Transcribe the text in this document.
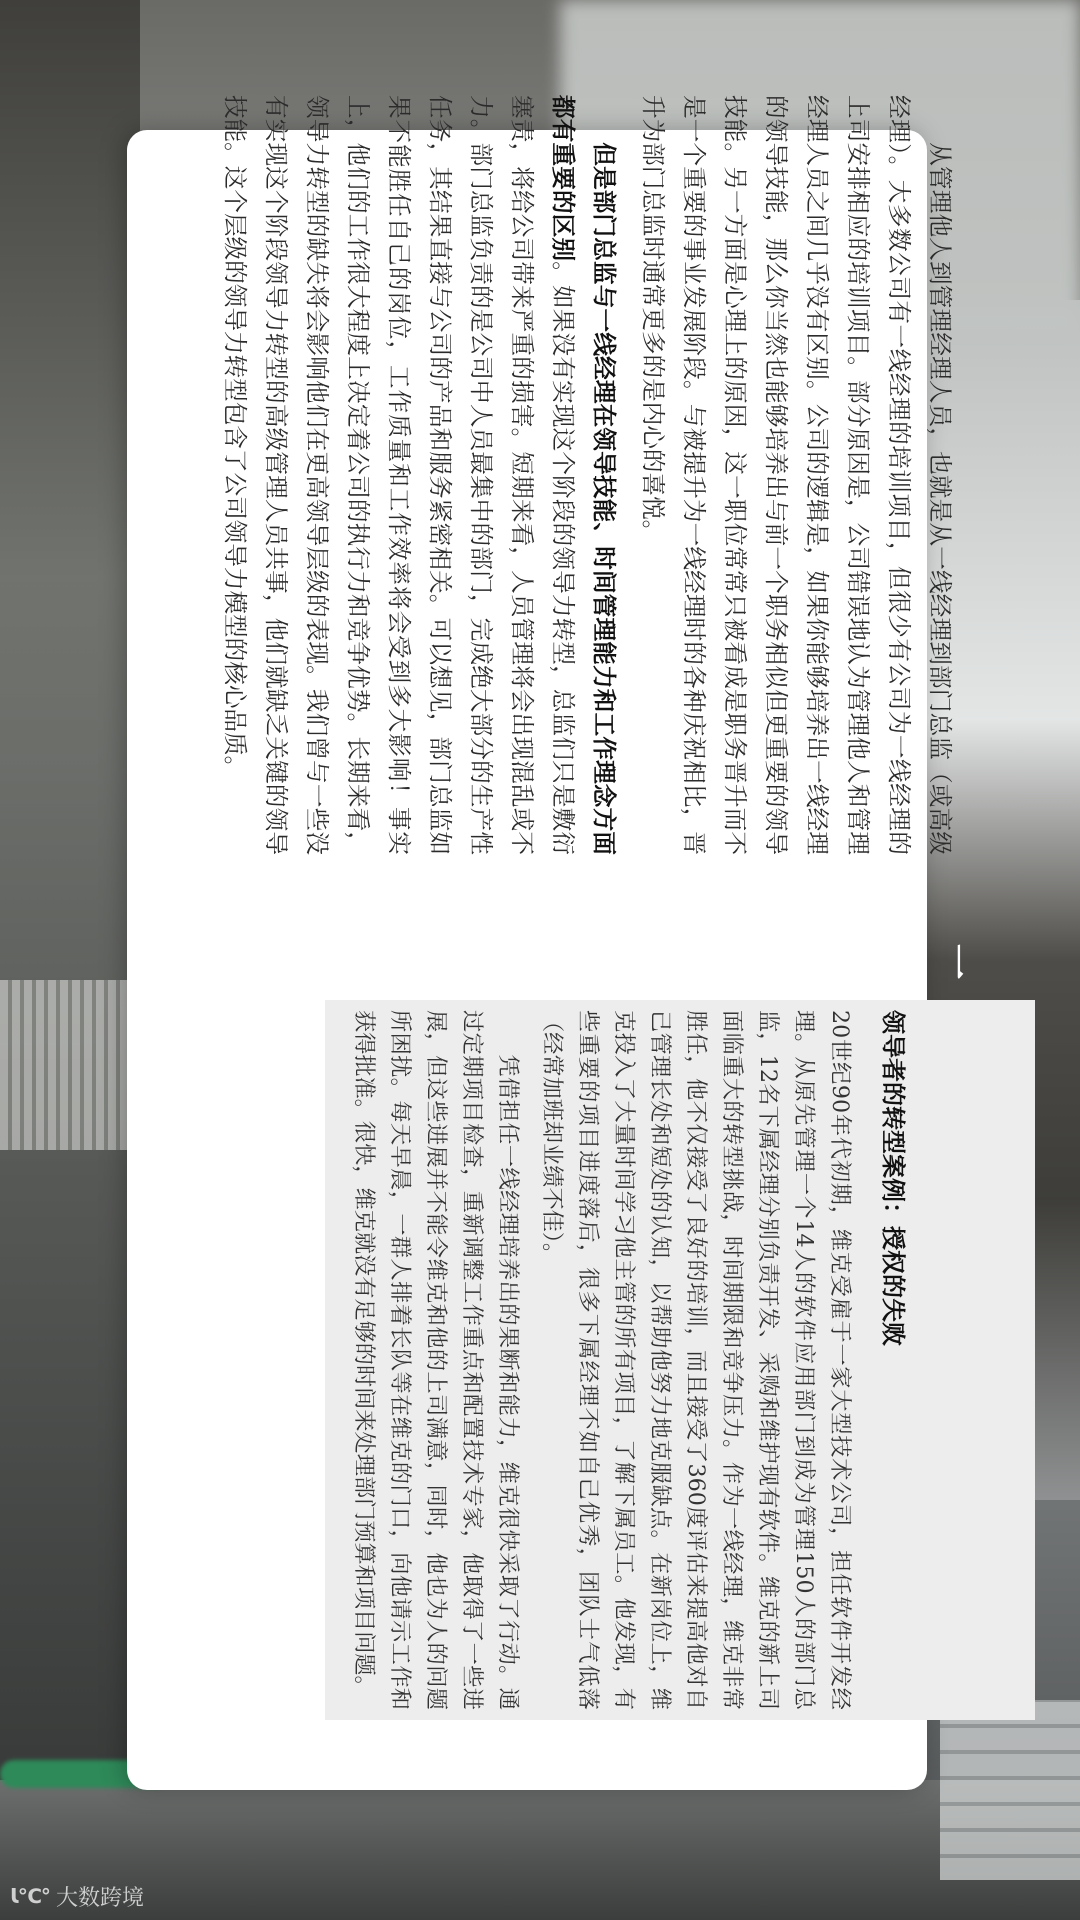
从管理他人到管理经理人员，也就是从一线经理到部门总监（或高级经理）。大多数公司有一线经理的培训项目，但很少有公司为一线经理的上司安排相应的培训项目。部分原因是，公司错误地认为管理他人和管理经理人员之间几乎没有区别。公司的逻辑是，如果你能够培养出一线经理的领导技能，那么你当然也能够培养出与前一个职务相似但更重要的领导技能。另一方面是心理上的原因，这一职位常常只被看成是职务晋升而不是一个重要的事业发展阶段。与被提升为一线经理时的各种庆祝相比，晋升为部门总监时通常更多的是内心的喜悦。

但是部门总监与一线经理在领导技能、时间管理能力和工作理念方面都有重要的区别。如果没有实现这个阶段的领导力转型，总监们只是敷衍塞责，将给公司带来严重的损害。短期来看，人员管理将会出现混乱或不力。部门总监负责的是公司中人员最集中的部门，完成绝大部分的生产性任务，其结果直接与公司的产品和服务紧密相关。可以想见，部门总监如果不能胜任自己的岗位，工作质量和工作效率将会受到多大影响！事实上，他们的工作很大程度上决定着公司的执行力和竞争优势。长期来看，领导力转型的缺失将会影响他们在更高领导层级的表现。我们曾与一些没有实现这个阶段领导力转型的高级管理人员共事，他们就缺乏关键的领导技能。这个层级的领导力转型包含了公司领导力模型的核心品质。

领导者的转型案例：授权的失败

20世纪90年代初期，维克受雇于一家大型技术公司，担任软件开发经理。从原先管理一个14人的软件应用部门到成为管理150人的部门总监，12名下属经理分别负责开发、采购和维护现有软件。维克的新上司面临重大的转型挑战，时间期限和竞争压力。作为一线经理，维克非常胜任，他不仅接受了良好的培训，而且接受了360度评估来提高他对自己管理长处和短处的认知，以帮助他努力地克服缺点。在新岗位上，维克投入了大量时间学习他主管的所有项目，了解下属员工。他发现，有些重要的项目进度落后，很多下属经理不如自己优秀，团队士气低落（经常加班却业绩不佳）。

凭借担任一线经理培养出的果断和能力，维克很快采取了行动。通过定期项目检查，重新调整工作重点和配置技术专家，他取得了一些进展，但这些进展并不能令维克和他的上司满意，同时，他也为人的问题所困扰。每天早晨，一群人排着长队等在维克的门口，向他请示工作和获得批准。很快，维克就没有足够的时间来处理部门预算和项目问题。

Ɩ℃° 大数跨境
